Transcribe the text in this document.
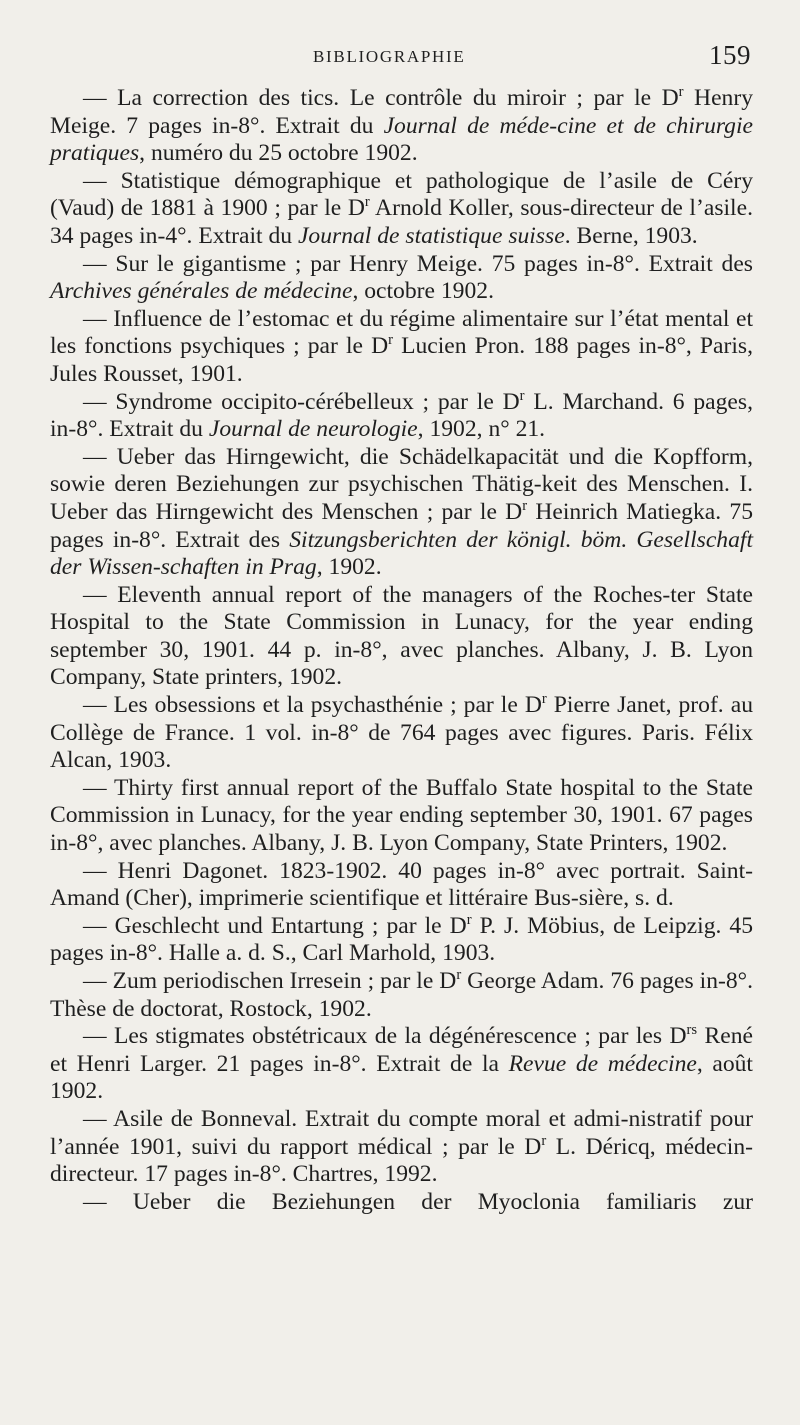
BIBLIOGRAPHIE	159

— La correction des tics. Le contrôle du miroir ; par le $D^r$ Henry Meige. 7 pages in-8°. Extrait du Journal de méde-cine et de chirurgie pratiques, numéro du 25 octobre 1902.

— Statistique démographique et pathologique de l’asile de Céry (Vaud) de 1881 à 1900 ; par le $D^r$ Arnold Koller, sous-directeur de l’asile. 34 pages in-4°. Extrait du Journal de statistique suisse. Berne, 1903.

— Sur le gigantisme ; par Henry Meige. 75 pages in-8°. Extrait des Archives générales de médecine, octobre 1902.

— Influence de l’estomac et du régime alimentaire sur l’état mental et les fonctions psychiques ; par le $D^r$ Lucien Pron. 188 pages in-8°, Paris, Jules Rousset, 1901.

— Syndrome occipito-cérébelleux ; par le $D^r$ L. Marchand. 6 pages, in-8°. Extrait du Journal de neurologie, 1902, n° 21.

— Ueber das Hirngewicht, die Schädelkapacität und die Kopfform, sowie deren Beziehungen zur psychischen Thätig-keit des Menschen. I. Ueber das Hirngewicht des Menschen ; par le $D^r$ Heinrich Matiegka. 75 pages in-8°. Extrait des Sitzungsberichten der königl. böm. Gesellschaft der Wissen-schaften in Prag, 1902.

— Eleventh annual report of the managers of the Roches-ter State Hospital to the State Commission in Lunacy, for the year ending september 30, 1901. 44 p. in-8°, avec planches. Albany, J. B. Lyon Company, State printers, 1902.

— Les obsessions et la psychasthénie ; par le $D^r$ Pierre Janet, prof. au Collège de France. 1 vol. in-8° de 764 pages avec figures. Paris. Félix Alcan, 1903.

— Thirty first annual report of the Buffalo State hospital to the State Commission in Lunacy, for the year ending september 30, 1901. 67 pages in-8°, avec planches. Albany, J. B. Lyon Company, State Printers, 1902.

— Henri Dagonet. 1823-1902. 40 pages in-8° avec portrait. Saint-Amand (Cher), imprimerie scientifique et littéraire Bus-sière, s. d.

— Geschlecht und Entartung ; par le $D^r$ P. J. Möbius, de Leipzig. 45 pages in-8°. Halle a. d. S., Carl Marhold, 1903.

— Zum periodischen Irresein ; par le $D^r$ George Adam. 76 pages in-8°. Thèse de doctorat, Rostock, 1902.

— Les stigmates obstétricaux de la dégénérescence ; par les $D^{rs}$ René et Henri Larger. 21 pages in-8°. Extrait de la Revue de médecine, août 1902.

— Asile de Bonneval. Extrait du compte moral et admi-nistratif pour l’année 1901, suivi du rapport médical ; par le $D^r$ L. Déricq, médecin-directeur. 17 pages in-8°. Chartres, 1992.

— Ueber die Beziehungen der Myoclonia familiaris zur
